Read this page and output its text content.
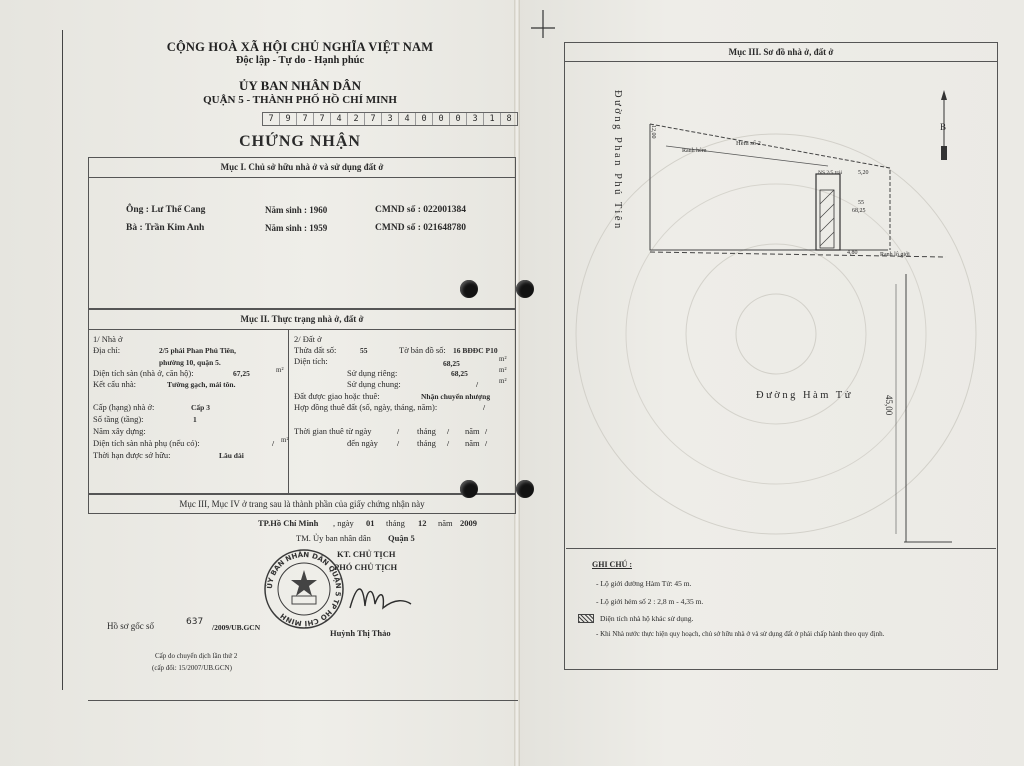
CỘNG HOÀ XÃ HỘI CHỦ NGHĨA VIỆT NAM
Độc lập - Tự do - Hạnh phúc
ỦY BAN NHÂN DÂN
QUẬN 5 - THÀNH PHỐ HỒ CHÍ MINH
7	9	7	7	4	2	7	3	4	0	0	0	3	1	8
CHỨNG NHẬN
Mục I. Chủ sở hữu nhà ở và sử dụng đất ở
Ông : Lư Thế Cang	Năm sinh : 1960	CMND số : 022001384
Bà : Trần Kim Anh	Năm sinh : 1959	CMND số : 021648780
Mục II. Thực trạng nhà ở, đất ở
1/ Nhà ở
Địa chỉ:	2/5 phải Phan Phú Tiên,
phường 10, quận 5.
Diện tích sàn (nhà ở, căn hộ):	67,25	m²
Kết cấu nhà:	Tường gạch, mái tôn.
Cấp (hạng) nhà ở:	Cấp 3
Số tầng (tầng):	1
Năm xây dựng:
Diện tích sàn nhà phụ (nếu có):	/ m²
Thời hạn được sở hữu:	Lâu dài
2/ Đất ở
Thửa đất số:	55	Tờ bản đồ số: 16 BĐĐC P10
Diện tích:	68,25	m²
Sử dụng riêng:	68,25	m²
Sử dụng chung:	/	m²
Đất được giao hoặc thuê:	Nhận chuyển nhượng
Hợp đồng thuê đất (số, ngày, tháng, năm):	/
Thời gian thuê từ ngày	/ tháng / năm /
đến ngày	/ tháng / năm /
Mục III, Mục IV ở trang sau là thành phần của giấy chứng nhận này
TP.Hồ Chí Minh , ngày 01 tháng 12 năm 2009
TM. Ủy ban nhân dân Quận 5
KT. CHỦ TỊCH
PHÓ CHỦ TỊCH
ỦY BAN NHÂN DÂN QUẬN 5 TP HỒ CHÍ MINH
Huỳnh Thị Thảo
Hồ sơ gốc số	637
/2009/UB.GCN
Cấp do chuyển dịch lần thứ 2
(cấp đổi: 15/2007/UB.GCN)
Mục III. Sơ đồ nhà ở, đất ở
Đường Phan Phú Tiên
Đường Hàm Tử
Hẻm số 2
Ranh hẻm
Ranh lộ giới
B
12,00
5,20
4,80
45,00
55
68,25
NS 2/5 trái
GHI CHÚ :
- Lộ giới đường Hàm Tử: 45 m.
- Lộ giới hẻm số 2 : 2,8 m - 4,35 m.
Diện tích nhà hộ khác sử dụng.
- Khi Nhà nước thực hiện quy hoạch, chủ sở hữu nhà ở và sử dụng đất ở phải chấp hành theo quy định.
